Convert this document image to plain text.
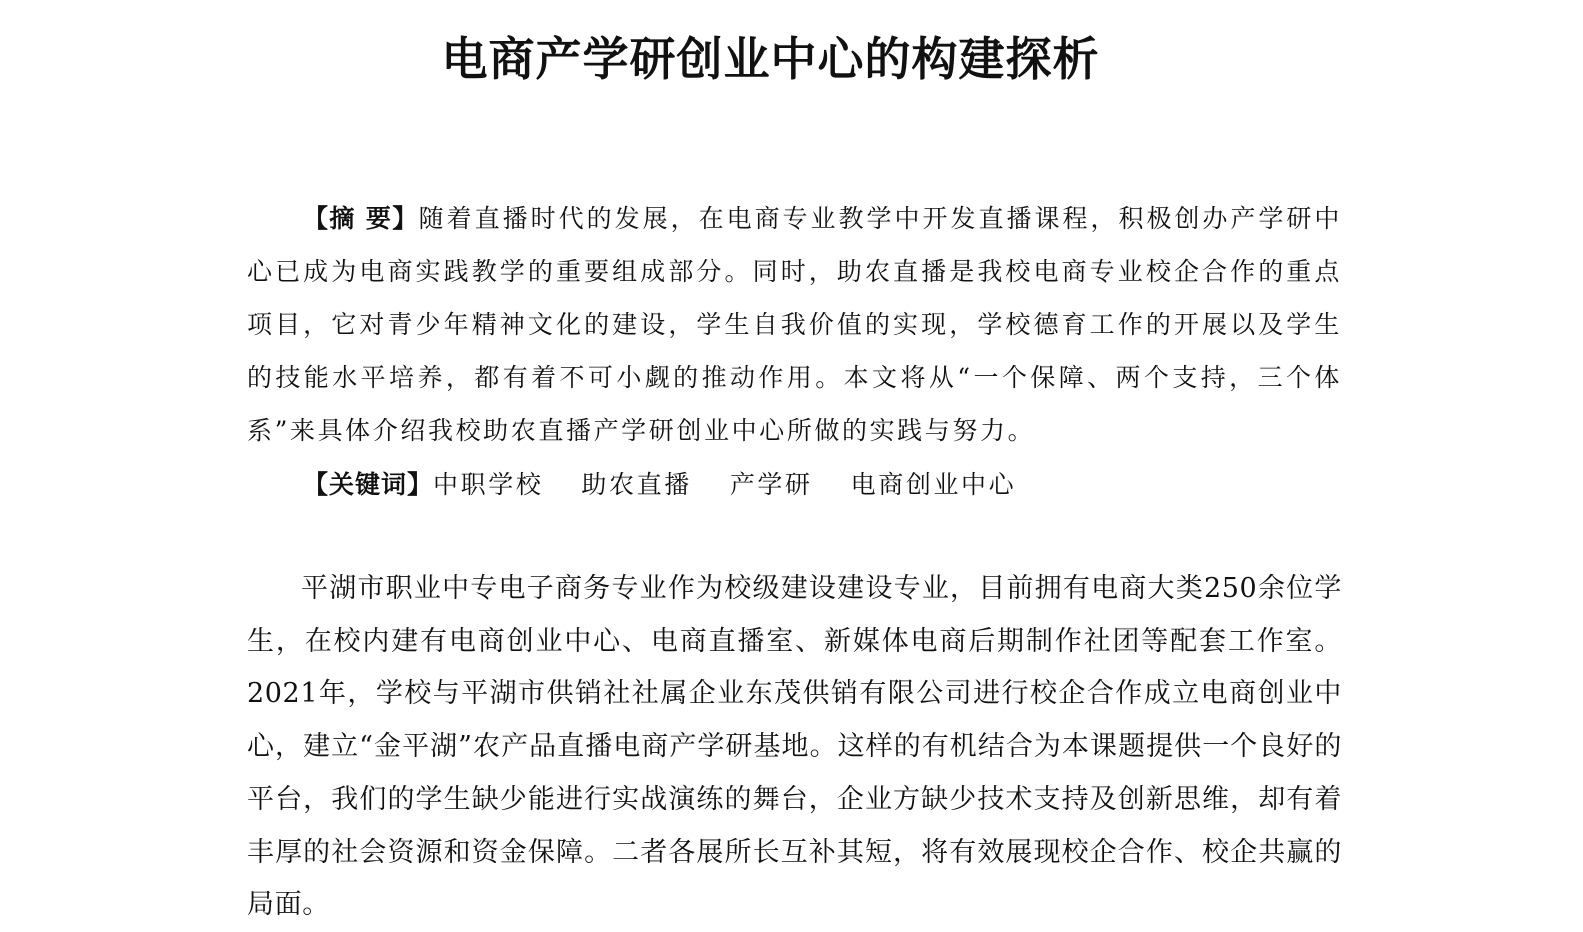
电商产学研创业中心的构建探析
【摘 要】随着直播时代的发展，在电商专业教学中开发直播课程，积极创办产学研中心已成为电商实践教学的重要组成部分。同时，助农直播是我校电商专业校企合作的重点项目，它对青少年精神文化的建设，学生自我价值的实现，学校德育工作的开展以及学生的技能水平培养，都有着不可小觑的推动作用。本文将从“一个保障、两个支持，三个体系”来具体介绍我校助农直播产学研创业中心所做的实践与努力。
【关键词】中职学校 助农直播 产学研 电商创业中心
平湖市职业中专电子商务专业作为校级建设建设专业，目前拥有电商大类250余位学生，在校内建有电商创业中心、电商直播室、新媒体电商后期制作社团等配套工作室。2021年，学校与平湖市供销社社属企业东茂供销有限公司进行校企合作成立电商创业中心，建立“金平湖”农产品直播电商产学研基地。这样的有机结合为本课题提供一个良好的平台，我们的学生缺少能进行实战演练的舞台，企业方缺少技术支持及创新思维，却有着丰厚的社会资源和资金保障。二者各展所长互补其短，将有效展现校企合作、校企共赢的局面。
